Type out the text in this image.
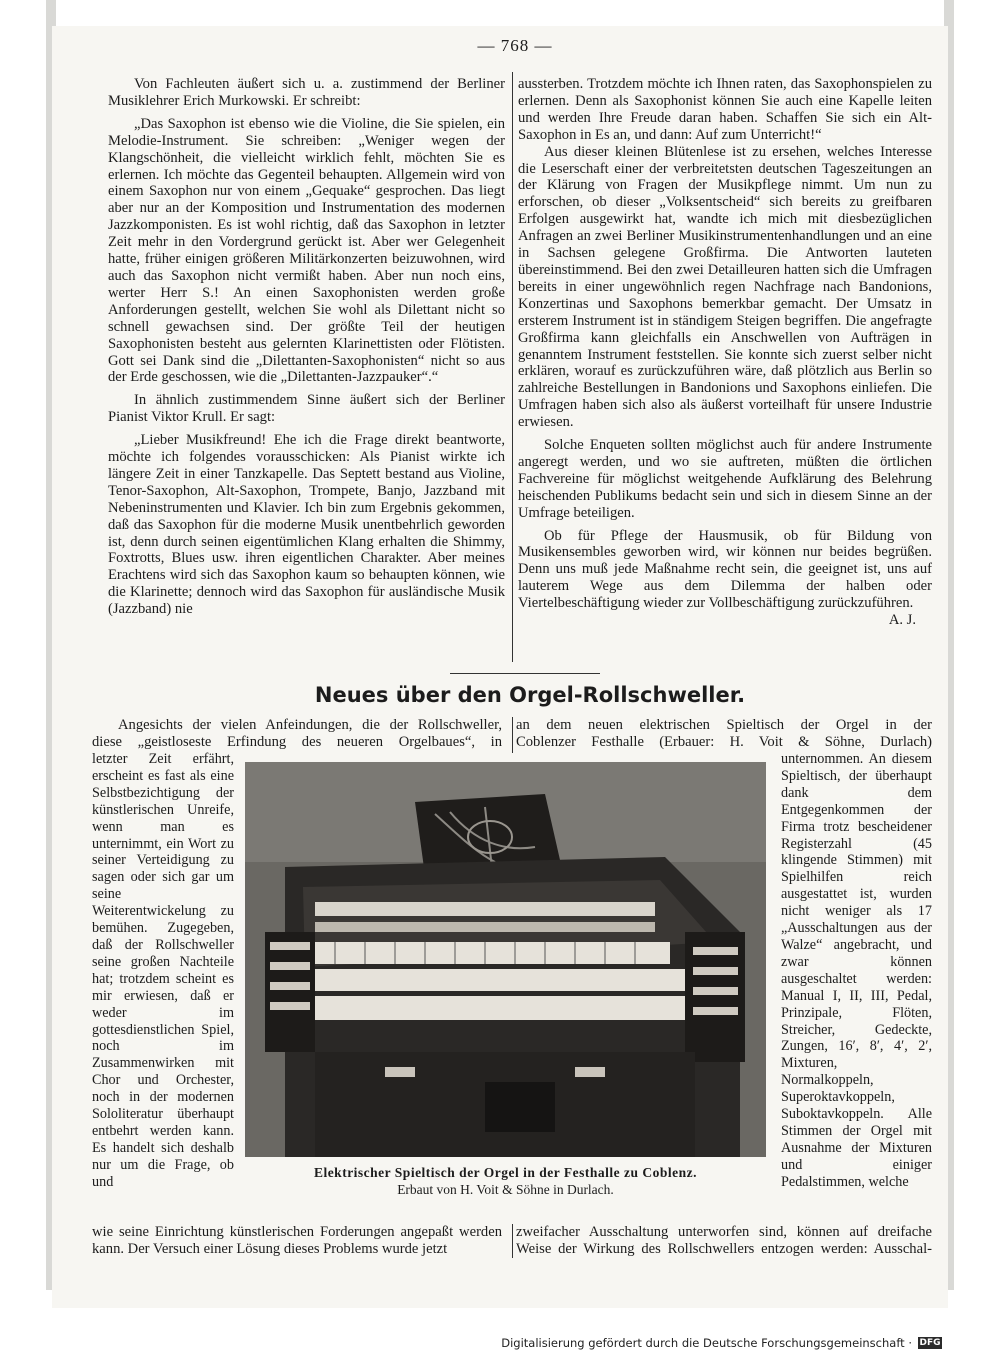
— 768 —

Von Fachleuten äußert sich u. a. zustimmend der Berliner Musiklehrer Erich Murkowski. Er schreibt:

„Das Saxophon ist ebenso wie die Violine, die Sie spielen, ein Melodie-Instrument. Sie schreiben: „Weniger wegen der Klangschönheit, die vielleicht wirklich fehlt, möchten Sie es erlernen. Ich möchte das Gegenteil behaupten. Allgemein wird von einem Saxophon nur von einem „Gequake“ gesprochen. Das liegt aber nur an der Komposition und Instrumentation des modernen Jazzkomponisten. Es ist wohl richtig, daß das Saxophon in letzter Zeit mehr in den Vordergrund gerückt ist. Aber wer Gelegenheit hatte, früher einigen größeren Militärkonzerten beizuwohnen, wird auch das Saxophon nicht vermißt haben. Aber nun noch eins, werter Herr S.! An einen Saxophonisten werden große Anforderungen gestellt, welchen Sie wohl als Dilettant nicht so schnell gewachsen sind. Der größte Teil der heutigen Saxophonisten besteht aus gelernten Klarinettisten oder Flötisten. Gott sei Dank sind die „Dilettanten-Saxophonisten“ nicht so aus der Erde geschossen, wie die „Dilettanten-Jazzpauker“.“

In ähnlich zustimmendem Sinne äußert sich der Berliner Pianist Viktor Krull. Er sagt:

„Lieber Musikfreund! Ehe ich die Frage direkt beantworte, möchte ich folgendes vorausschicken: Als Pianist wirkte ich längere Zeit in einer Tanzkapelle. Das Septett bestand aus Violine, Tenor-Saxophon, Alt-Saxophon, Trompete, Banjo, Jazzband mit Nebeninstrumenten und Klavier. Ich bin zum Ergebnis gekommen, daß das Saxophon für die moderne Musik unentbehrlich geworden ist, denn durch seinen eigentümlichen Klang erhalten die Shimmy, Foxtrotts, Blues usw. ihren eigentlichen Charakter. Aber meines Erachtens wird sich das Saxophon kaum so behaupten können, wie die Klarinette; dennoch wird das Saxophon für ausländische Musik (Jazzband) nie

aussterben. Trotzdem möchte ich Ihnen raten, das Saxophonspielen zu erlernen. Denn als Saxophonist können Sie auch eine Kapelle leiten und werden Ihre Freude daran haben. Schaffen Sie sich ein Alt-Saxophon in Es an, und dann: Auf zum Unterricht!“

Aus dieser kleinen Blütenlese ist zu ersehen, welches Interesse die Leserschaft einer der verbreitetsten deutschen Tageszeitungen an der Klärung von Fragen der Musikpflege nimmt. Um nun zu erforschen, ob dieser „Volksentscheid“ sich bereits zu greifbaren Erfolgen ausgewirkt hat, wandte ich mich mit diesbezüglichen Anfragen an zwei Berliner Musikinstrumentenhandlungen und an eine in Sachsen gelegene Großfirma. Die Antworten lauteten übereinstimmend. Bei den zwei Detailleuren hatten sich die Umfragen bereits in einer ungewöhnlich regen Nachfrage nach Bandonions, Konzertinas und Saxophons bemerkbar gemacht. Der Umsatz in ersterem Instrument ist in ständigem Steigen begriffen. Die angefragte Großfirma kann gleichfalls ein Anschwellen von Aufträgen in genanntem Instrument feststellen. Sie konnte sich zuerst selber nicht erklären, worauf es zurückzuführen wäre, daß plötzlich aus Berlin so zahlreiche Bestellungen in Bandonions und Saxophons einliefen. Die Umfragen haben sich also als äußerst vorteilhaft für unsere Industrie erwiesen.

Solche Enqueten sollten möglichst auch für andere Instrumente angeregt werden, und wo sie auftreten, müßten die örtlichen Fachvereine für möglichst weitgehende Aufklärung des Belehrung heischenden Publikums bedacht sein und sich in diesem Sinne an der Umfrage beteiligen.

Ob für Pflege der Hausmusik, ob für Bildung von Musikensembles geworben wird, wir können nur beides begrüßen. Denn uns muß jede Maßnahme recht sein, die geeignet ist, uns auf lauterem Wege aus dem Dilemma der halben oder Viertelbeschäftigung wieder zur Vollbeschäftigung zurückzuführen.

A. J.
Neues über den Orgel-Rollschweller.
Angesichts der vielen Anfeindungen, die der Rollschweller,
diese „geistloseste Erfindung des neueren Orgelbaues“, in
an dem neuen elektrischen Spieltisch der Orgel in der
Coblenzer Festhalle (Erbauer: H. Voit & Söhne, Durlach)

letzter Zeit erfährt, erscheint es fast als eine Selbstbezichtigung der künstlerischen Unreife, wenn man es unternimmt, ein Wort zu seiner Verteidigung zu sagen oder sich gar um seine Weiterentwickelung zu bemühen. Zugegeben, daß der Rollschweller seine großen Nachteile hat; trotzdem scheint es mir erwiesen, daß er weder im gottesdienstlichen Spiel, noch im Zusammenwirken mit Chor und Orchester, noch in der modernen Sololiteratur überhaupt entbehrt werden kann. Es handelt sich deshalb nur um die Frage, ob und

unternommen. An diesem Spieltisch, der überhaupt dank dem Entgegenkommen der Firma trotz bescheidener Registerzahl (45 klingende Stimmen) mit Spielhilfen reich ausgestattet ist, wurden nicht weniger als 17 „Ausschaltungen aus der Walze“ angebracht, und zwar können ausgeschaltet werden: Manual I, II, III, Pedal, Prinzipale, Flöten, Streicher, Gedeckte, Zungen, 16′, 8′, 4′, 2′, Mixturen, Normalkoppeln, Superoktavkoppeln, Suboktavkoppeln. Alle Stimmen der Orgel mit Ausnahme der Mixturen und einiger Pedalstimmen, welche

Elektrischer Spieltisch der Orgel in der Festhalle zu Coblenz.
Erbaut von H. Voit & Söhne in Durlach.
wie seine Einrichtung künstlerischen Forderungen angepaßt werden
kann. Der Versuch einer Lösung dieses Problems wurde jetzt
zweifacher Ausschaltung unterworfen sind, können auf dreifache
Weise der Wirkung des Rollschwellers entzogen werden: Ausschal-
Digitalisierung gefördert durch die Deutsche Forschungsgemeinschaft · DFG
